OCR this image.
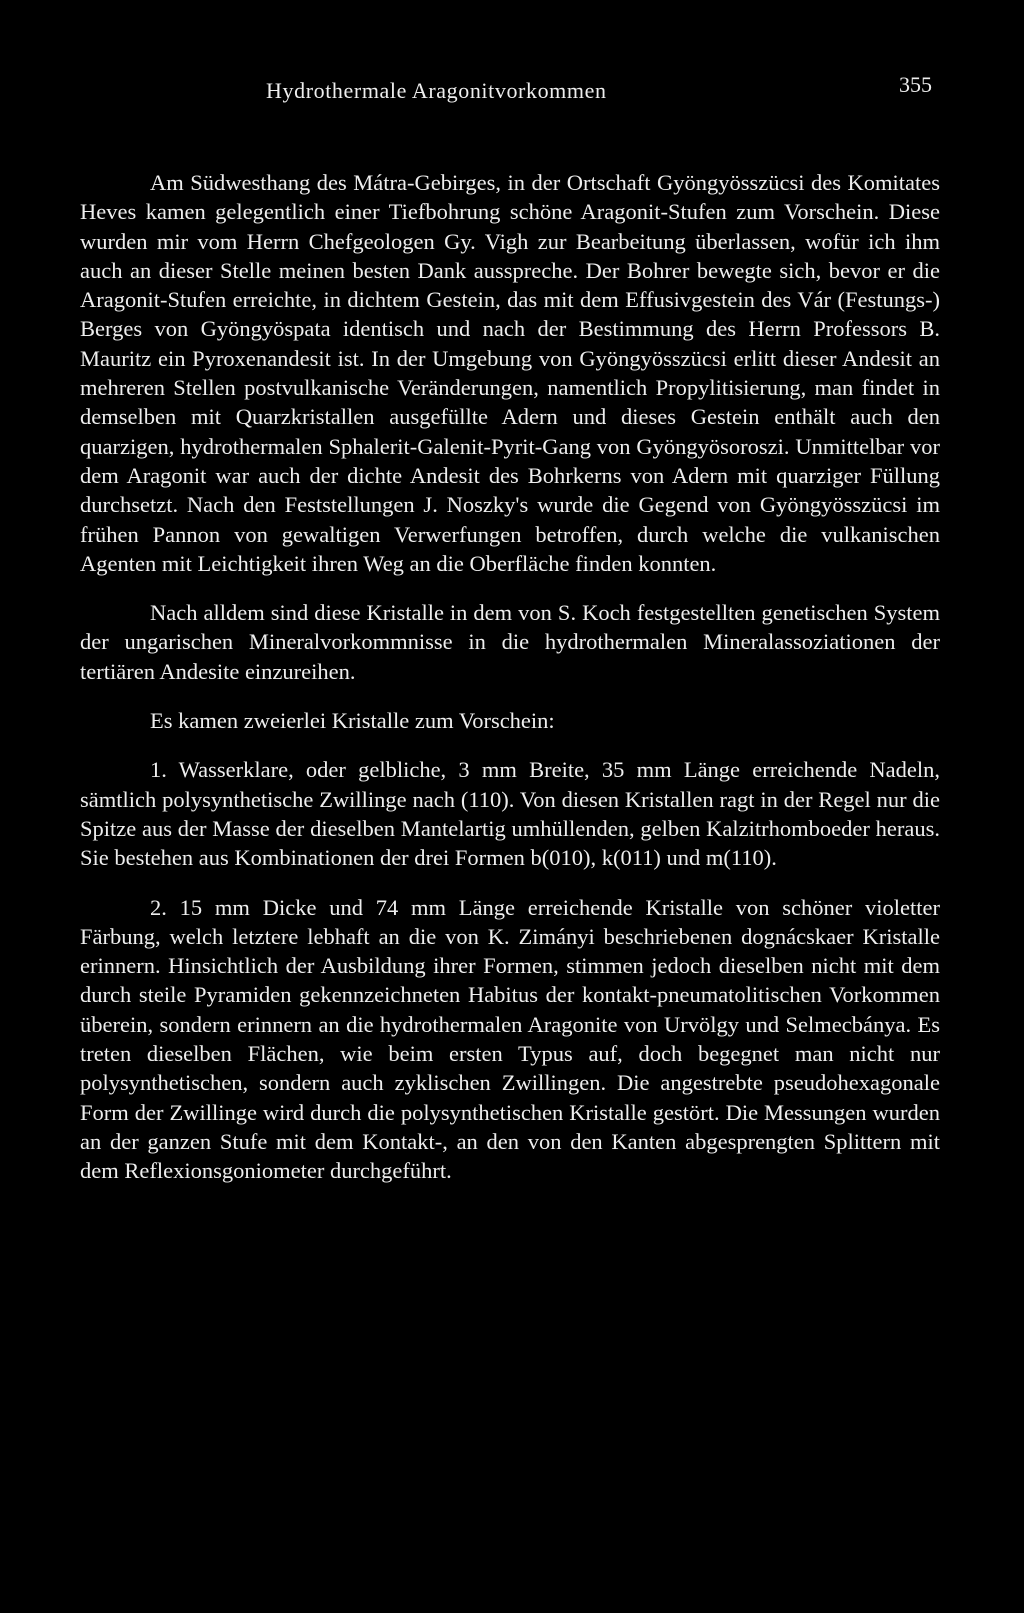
Hydrothermale Aragonitvorkommen	355

Am Südwesthang des Mátra-Gebirges, in der Ortschaft Gyöngyösszücsi des Komitates Heves kamen gelegentlich einer Tiefbohrung schöne Aragonit-Stufen zum Vorschein. Diese wurden mir vom Herrn Chefgeologen Gy. Vigh zur Bearbeitung überlassen, wofür ich ihm auch an dieser Stelle meinen besten Dank ausspreche. Der Bohrer bewegte sich, bevor er die Aragonit-Stufen erreichte, in dichtem Gestein, das mit dem Effusivgestein des Vár (Festungs-) Berges von Gyöngyöspata identisch und nach der Bestimmung des Herrn Professors B. Mauritz ein Pyroxenandesit ist. In der Umgebung von Gyöngyösszücsi erlitt dieser Andesit an mehreren Stellen postvulkanische Veränderungen, namentlich Propylitisierung, man findet in demselben mit Quarzkristallen ausgefüllte Adern und dieses Gestein enthält auch den quarzigen, hydrothermalen Sphalerit-Galenit-Pyrit-Gang von Gyöngyösoroszi. Unmittelbar vor dem Aragonit war auch der dichte Andesit des Bohrkerns von Adern mit quarziger Füllung durchsetzt. Nach den Feststellungen J. Noszky's wurde die Gegend von Gyöngyösszücsi im frühen Pannon von gewaltigen Verwerfungen betroffen, durch welche die vulkanischen Agenten mit Leichtigkeit ihren Weg an die Oberfläche finden konnten.

Nach alldem sind diese Kristalle in dem von S. Koch festgestellten genetischen System der ungarischen Mineralvorkommnisse in die hydrothermalen Mineralassoziationen der tertiären Andesite einzureihen.

Es kamen zweierlei Kristalle zum Vorschein:

1. Wasserklare, oder gelbliche, 3 mm Breite, 35 mm Länge erreichende Nadeln, sämtlich polysynthetische Zwillinge nach (110). Von diesen Kristallen ragt in der Regel nur die Spitze aus der Masse der dieselben Mantelartig umhüllenden, gelben Kalzitrhomboeder heraus. Sie bestehen aus Kombinationen der drei Formen b(010), k(011) und m(110).

2. 15 mm Dicke und 74 mm Länge erreichende Kristalle von schöner violetter Färbung, welch letztere lebhaft an die von K. Zimányi beschriebenen dognácskaer Kristalle erinnern. Hinsichtlich der Ausbildung ihrer Formen, stimmen jedoch dieselben nicht mit dem durch steile Pyramiden gekennzeichneten Habitus der kontakt-pneumatolitischen Vorkommen überein, sondern erinnern an die hydrothermalen Aragonite von Urvölgy und Selmecbánya. Es treten dieselben Flächen, wie beim ersten Typus auf, doch begegnet man nicht nur polysynthetischen, sondern auch zyklischen Zwillingen. Die angestrebte pseudohexagonale Form der Zwillinge wird durch die polysynthetischen Kristalle gestört. Die Messungen wurden an der ganzen Stufe mit dem Kontakt-, an den von den Kanten abgesprengten Splittern mit dem Reflexionsgoniometer durchgeführt.
